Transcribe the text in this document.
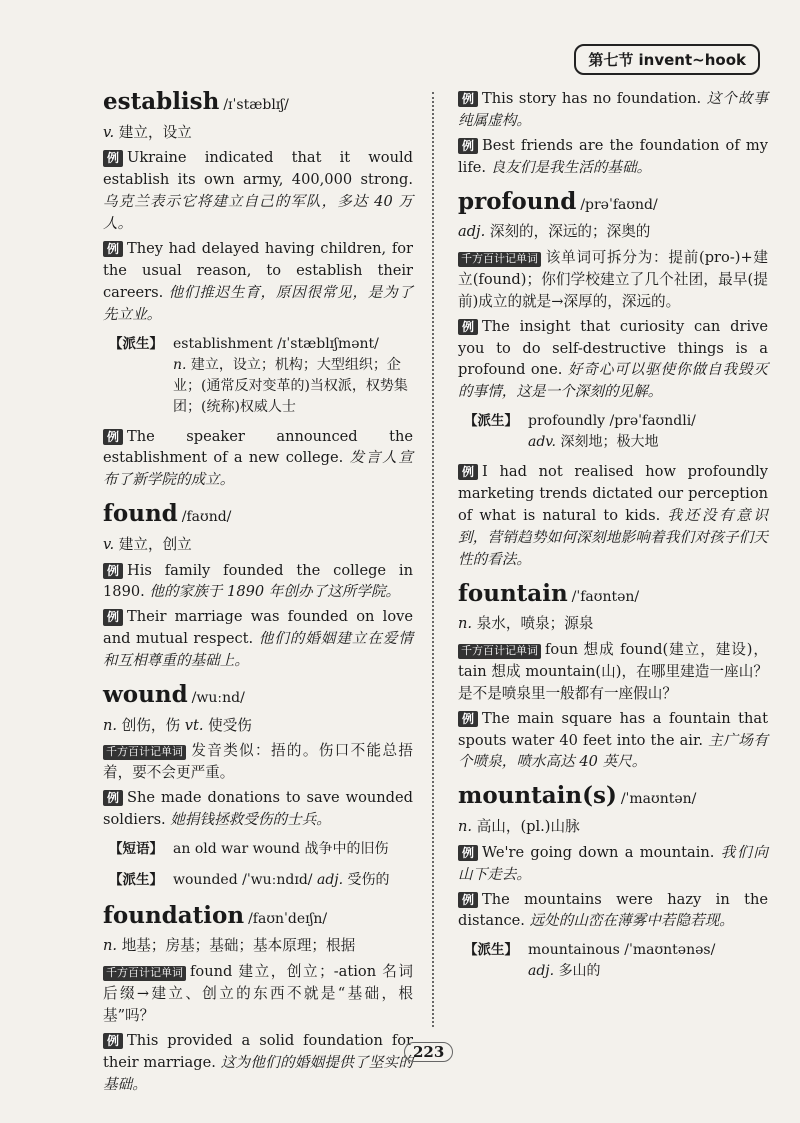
第七节 invent~hook
establish /ɪˈstæblɪʃ/
v. 建立，设立
例 Ukraine indicated that it would establish its own army, 400,000 strong. 乌克兰表示它将建立自己的军队，多达 40 万人。
例 They had delayed having children, for the usual reason, to establish their careers. 他们推迟生育，原因很常见，是为了先立业。
【派生】 establishment /ɪˈstæblɪʃmənt/
n. 建立，设立；机构；大型组织；企业；(通常反对变革的)当权派，权势集团；(统称)权威人士
例 The speaker announced the establishment of a new college. 发言人宣布了新学院的成立。
found /faʊnd/
v. 建立，创立
例 His family founded the college in 1890. 他的家族于 1890 年创办了这所学院。
例 Their marriage was founded on love and mutual respect. 他们的婚姻建立在爱情和互相尊重的基础上。
wound /wuːnd/
n. 创伤，伤 vt. 使受伤
千方百计记单词 发音类似：捂的。伤口不能总捂着，要不会更严重。
例 She made donations to save wounded soldiers. 她捐钱拯救受伤的士兵。
【短语】 an old war wound 战争中的旧伤
【派生】 wounded /ˈwuːndɪd/ adj. 受伤的
foundation /faʊnˈdeɪʃn/
n. 地基；房基；基础；基本原理；根据
千方百计记单词 found 建立，创立；-ation 名词后缀→建立、创立的东西不就是“基础，根基”吗？
例 This provided a solid foundation for their marriage. 这为他们的婚姻提供了坚实的基础。
例 This story has no foundation. 这个故事纯属虚构。
例 Best friends are the foundation of my life. 良友们是我生活的基础。
profound /prəˈfaʊnd/
adj. 深刻的，深远的；深奥的
千方百计记单词 该单词可拆分为：提前(pro-)+建立(found)；你们学校建立了几个社团，最早(提前)成立的就是→深厚的，深远的。
例 The insight that curiosity can drive you to do self-destructive things is a profound one. 好奇心可以驱使你做自我毁灭的事情，这是一个深刻的见解。
【派生】 profoundly /prəˈfaʊndli/
adv. 深刻地；极大地
例 I had not realised how profoundly marketing trends dictated our perception of what is natural to kids. 我还没有意识到，营销趋势如何深刻地影响着我们对孩子们天性的看法。
fountain /ˈfaʊntən/
n. 泉水，喷泉；源泉
千方百计记单词 foun 想成 found(建立，建设)，tain 想成 mountain(山)，在哪里建造一座山？是不是喷泉里一般都有一座假山？
例 The main square has a fountain that spouts water 40 feet into the air. 主广场有个喷泉，喷水高达 40 英尺。
mountain(s) /ˈmaʊntən/
n. 高山，(pl.)山脉
例 We're going down a mountain. 我们向山下走去。
例 The mountains were hazy in the distance. 远处的山峦在薄雾中若隐若现。
【派生】 mountainous /ˈmaʊntənəs/
adj. 多山的
223
